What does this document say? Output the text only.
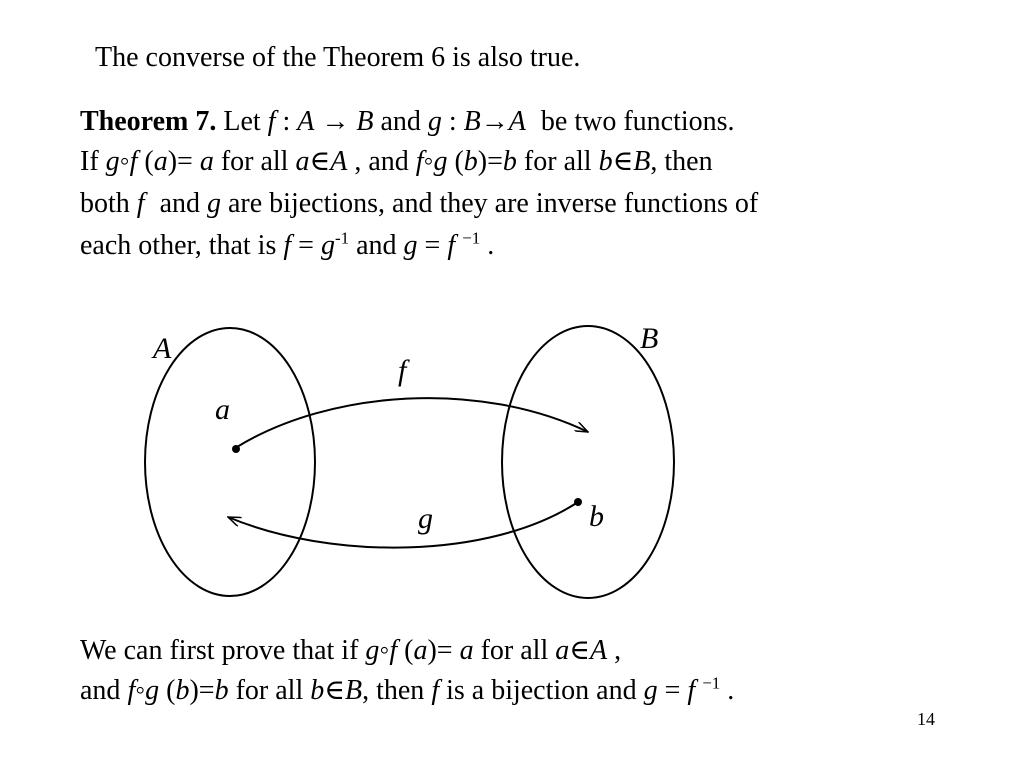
The converse of the Theorem 6 is also true.
Theorem 7. Let f : A → B and g : B→A be two functions.
If g◦f (a)= a for all a∈A , and f◦g (b)=b for all b∈B, then
both f and g are bijections, and they are inverse functions of
each other, that is $f = g^{-1}$ and g = f $^{-1}$ .
A	B
a
b
f
g
We can first prove that if g◦f (a)= a for all a∈A ,
and f◦g (b)=b for all b∈B, then f is a bijection and g = f $^{-1}$ .
14
